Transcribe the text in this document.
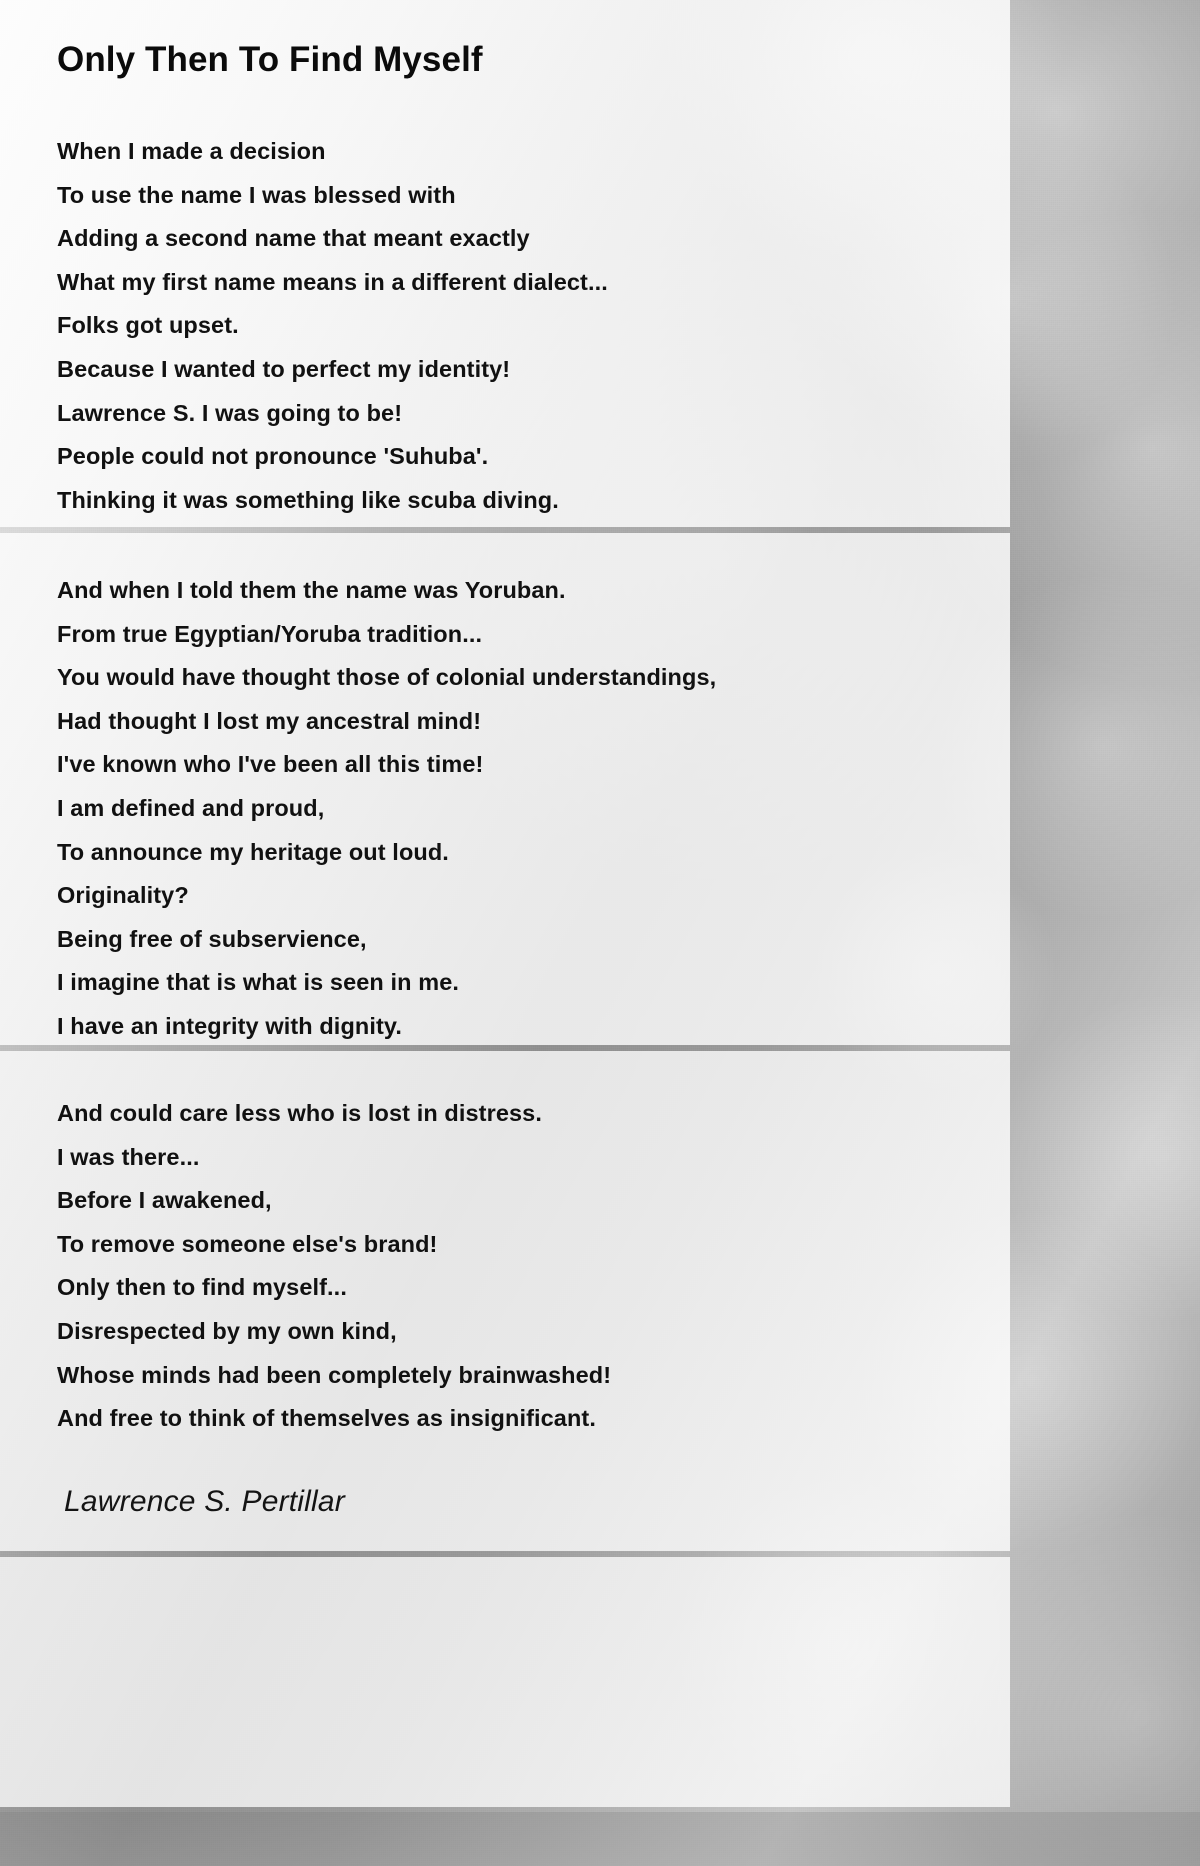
Only Then To Find Myself
When I made a decision
To use the name I was blessed with
Adding a second name that meant exactly
What my first name means in a different dialect...
Folks got upset.
Because I wanted to perfect my identity!
Lawrence S. I was going to be!
People could not pronounce 'Suhuba'.
Thinking it was something like scuba diving.
And when I told them the name was Yoruban.
From true Egyptian/Yoruba tradition...
You would have thought those of colonial understandings,
Had thought I lost my ancestral mind!
I've known who I've been all this time!
I am defined and proud,
To announce my heritage out loud.
Originality?
Being free of subservience,
I imagine that is what is seen in me.
I have an integrity with dignity.
And could care less who is lost in distress.
I was there...
Before I awakened,
To remove someone else's brand!
Only then to find myself...
Disrespected by my own kind,
Whose minds had been completely brainwashed!
And free to think of themselves as insignificant.
Lawrence S. Pertillar
